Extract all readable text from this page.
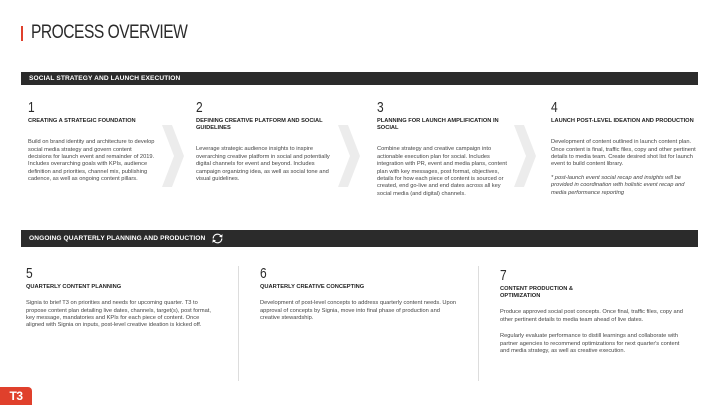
PROCESS OVERVIEW
SOCIAL STRATEGY AND LAUNCH EXECUTION
1
CREATING A STRATEGIC FOUNDATION
Build on brand identity and architecture to develop social media strategy and govern content decisions for launch event and remainder of 2019. Includes overarching goals with KPIs, audience definition and priorities, channel mix, publishing cadence, as well as ongoing content pillars.
2
DEFINING CREATIVE PLATFORM AND SOCIAL GUIDELINES
Leverage strategic audience insights to inspire overarching creative platform in social and potentially digital channels for event and beyond. Includes campaign organizing idea, as well as social tone and visual guidelines.
3
PLANNING FOR LAUNCH AMPLIFICATION IN SOCIAL
Combine strategy and creative campaign into actionable execution plan for social. Includes integration with PR, event and media plans, content plan with key messages, post format, objectives, details for how each piece of content is sourced or created, end go-live and end dates across all key social media (and digital) channels.
4
LAUNCH POST-LEVEL IDEATION AND PRODUCTION
Development of content outlined in launch content plan. Once content is final, traffic files, copy and other pertinent details to media team. Create desired shot list for launch event to build content library.
* post-launch event social recap and insights will be provided in coordination with holistic event recap and media performance reporting
ONGOING QUARTERLY PLANNING AND PRODUCTION
5
QUARTERLY CONTENT PLANNING
Signia to brief T3 on priorities and needs for upcoming quarter. T3 to propose content plan detailing live dates, channels, target(s), post format, key message, mandatories and KPIs for each piece of content. Once aligned with Signia on inputs, post-level creative ideation is kicked off.
6
QUARTERLY CREATIVE CONCEPTING
Development of post-level concepts to address quarterly content needs. Upon approval of concepts by Signia, move into final phase of production and creative stewardship.
7
CONTENT PRODUCTION & OPTIMIZATION
Produce approved social post concepts. Once final, traffic files, copy and other pertinent details to media team ahead of live dates.
Regularly evaluate performance to distill learnings and collaborate with partner agencies to recommend optimizations for next quarter's content and media strategy, as well as creative execution.
T3
